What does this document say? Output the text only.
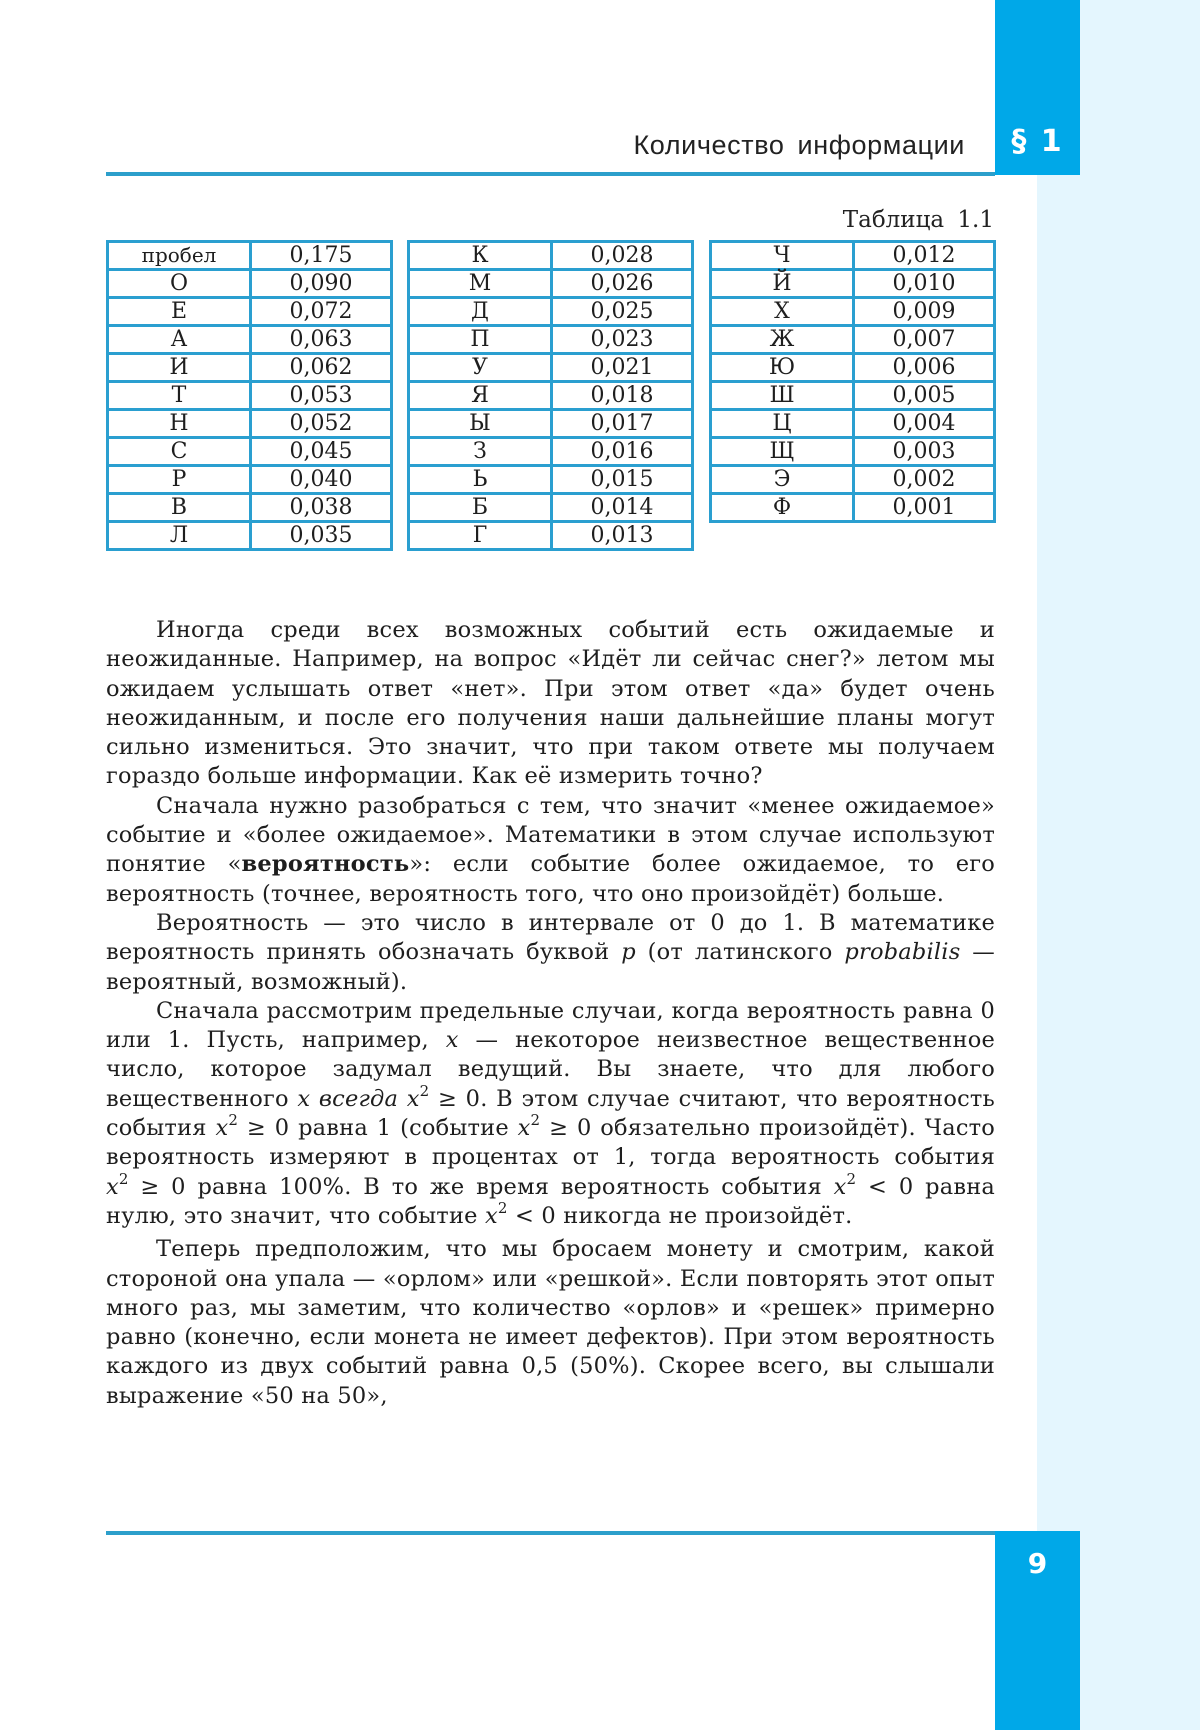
§ 1
Количество информации
Таблица 1.1
пробел	0,175
О	0,090
Е	0,072
А	0,063
И	0,062
Т	0,053
Н	0,052
С	0,045
Р	0,040
В	0,038
Л	0,035
К	0,028
М	0,026
Д	0,025
П	0,023
У	0,021
Я	0,018
Ы	0,017
З	0,016
Ь	0,015
Б	0,014
Г	0,013
Ч	0,012
Й	0,010
Х	0,009
Ж	0,007
Ю	0,006
Ш	0,005
Ц	0,004
Щ	0,003
Э	0,002
Ф	0,001

Иногда среди всех возможных событий есть ожидаемые и неожиданные. Например, на вопрос «Идёт ли сейчас снег?» летом мы ожидаем услышать ответ «нет». При этом ответ «да» будет очень неожиданным, и после его получения наши дальнейшие планы могут сильно измениться. Это значит, что при таком ответе мы получаем гораздо больше информации. Как её измерить точно?

Сначала нужно разобраться с тем, что значит «менее ожидаемое» событие и «более ожидаемое». Математики в этом случае используют понятие «вероятность»: если событие более ожидаемое, то его вероятность (точнее, вероятность того, что оно произойдёт) больше.

Вероятность — это число в интервале от 0 до 1. В математике вероятность принять обозначать буквой p (от латинского probabilis — вероятный, возможный).

Сначала рассмотрим предельные случаи, когда вероятность равна 0 или 1. Пусть, например, x — некоторое неизвестное вещественное число, которое задумал ведущий. Вы знаете, что для любого вещественного x всегда $x^2 \ge 0$. В этом случае считают, что вероятность события $x^2 \ge 0$ равна 1 (событие $x^2 \ge 0$ обязательно произойдёт). Часто вероятность измеряют в процентах от 1, тогда вероятность события $x^2 \ge 0$ равна 100%. В то же время вероятность события $x^2 < 0$ равна нулю, это значит, что событие $x^2 < 0$ никогда не произойдёт.

Теперь предположим, что мы бросаем монету и смотрим, какой стороной она упала — «орлом» или «решкой». Если повторять этот опыт много раз, мы заметим, что количество «орлов» и «решек» примерно равно (конечно, если монета не имеет дефектов). При этом вероятность каждого из двух событий равна 0,5 (50%). Скорее всего, вы слышали выражение «50 на 50»,

9
